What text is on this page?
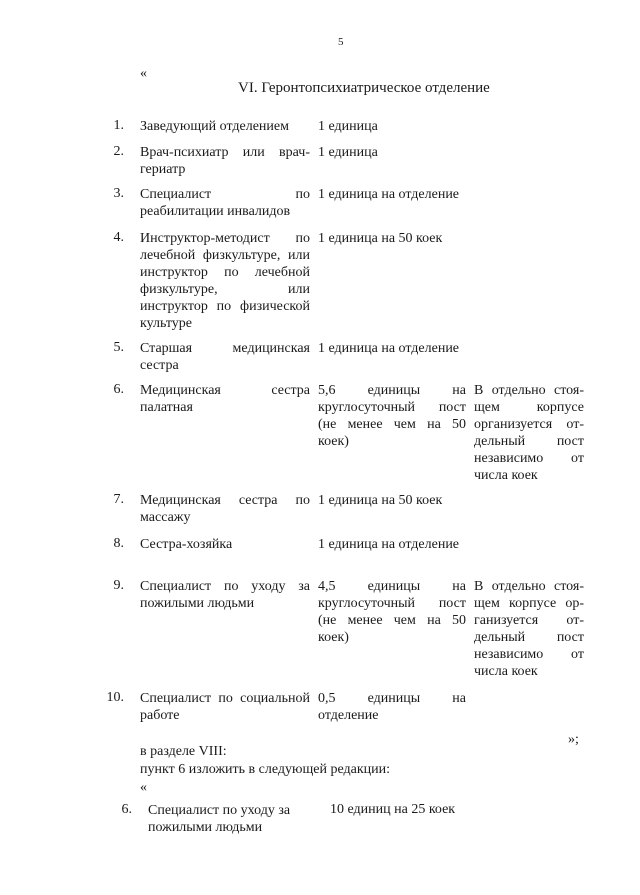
5
«
VI. Геронтопсихиатрическое отделение
1. Заведующий отделением	1 единица
2. Врач-психиатр или врач-гериатр
1 единица
3. Специалист по реабилитации инвалидов
1 единица на отделение
4. Инструктор-методист по лечебной физкультуре, или инструктор по лечебной физкультуре, или инструктор по физической культуре
1 единица на 50 коек
5. Старшая медицинская сестра
1 единица на отделение
6. Медицинская сестра палатная
5,6 единицы на круглосуточный пост (не менее чем на 50 коек)
В отдельно стоя-щем корпусе организуется от-дельный пост независимо от числа коек
7. Медицинская сестра по массажу
1 единица на 50 коек
8. Сестра-хозяйка	1 единица на отделение
9. Специалист по уходу за пожилыми людьми
4,5 единицы на круглосуточный пост (не менее чем на 50 коек)
В отдельно стоя-щем корпусе ор-ганизуется от-дельный пост независимо от числа коек
10. Специалист по социальной работе
0,5 единицы на отделение
»;
в разделе VIII:
пункт 6 изложить в следующей редакции:
«
6. Специалист по уходу за пожилыми людьми
10 единиц на 25 коек
